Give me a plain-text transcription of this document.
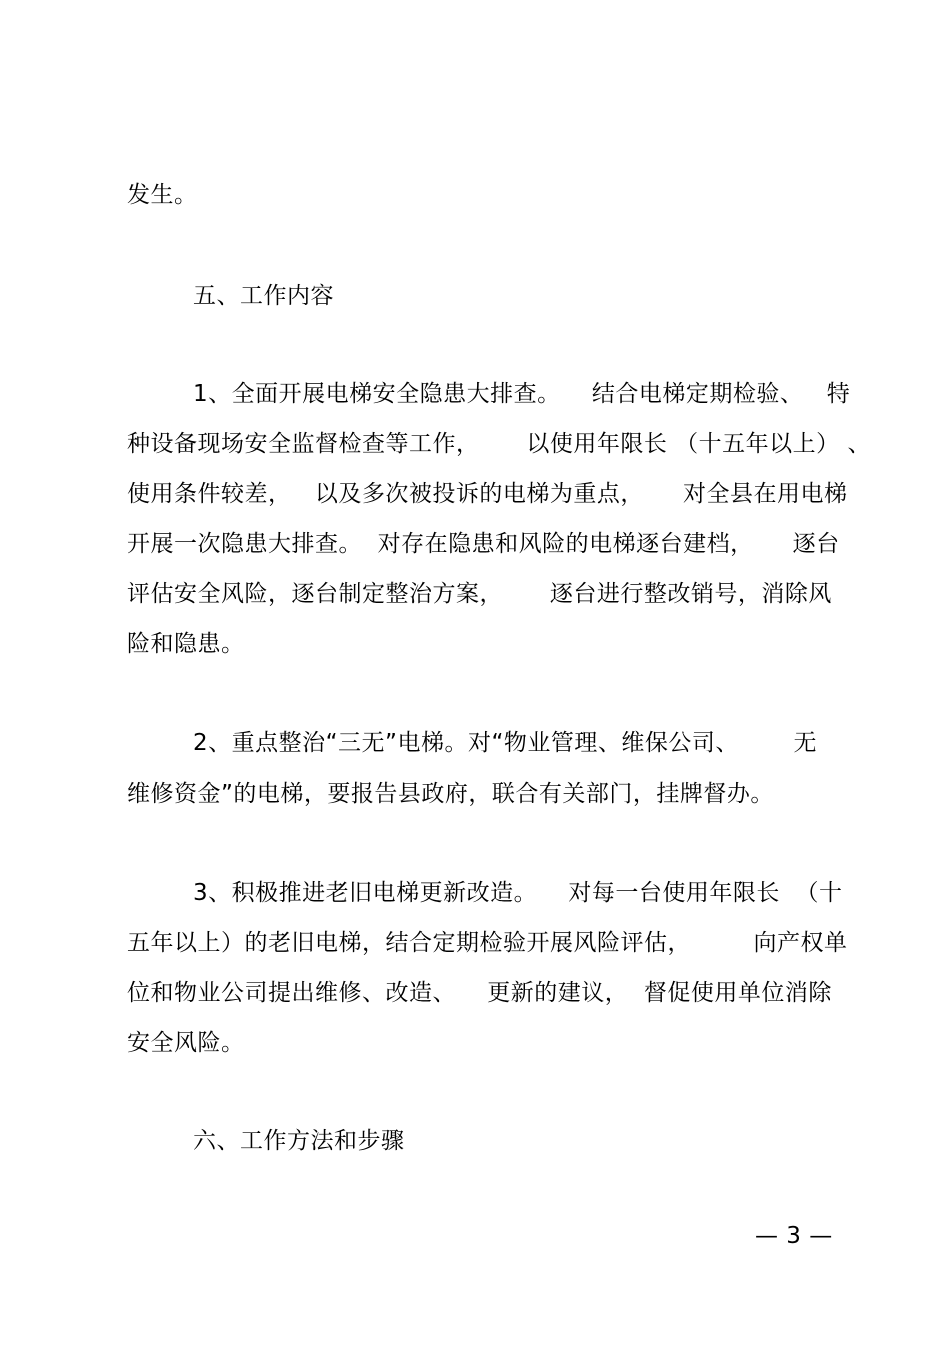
发生。
五、工作内容
1、全面开展电梯安全隐患大排查。    结合电梯定期检验、   特
种设备现场安全监督检查等工作，      以使用年限长 （十五年以上） 、
使用条件较差，   以及多次被投诉的电梯为重点，     对全县在用电梯
开展一次隐患大排查。  对存在隐患和风险的电梯逐台建档，     逐台
评估安全风险，逐台制定整治方案，      逐台进行整改销号，消除风
险和隐患。
2、重点整治“三无”电梯。对“物业管理、维保公司、       无
维修资金”的电梯，要报告县政府，联合有关部门，挂牌督办。
3、积极推进老旧电梯更新改造。    对每一台使用年限长  （十
五年以上）的老旧电梯，结合定期检验开展风险评估，        向产权单
位和物业公司提出维修、改造、    更新的建议，  督促使用单位消除
安全风险。
六、工作方法和步骤
— 3 —
